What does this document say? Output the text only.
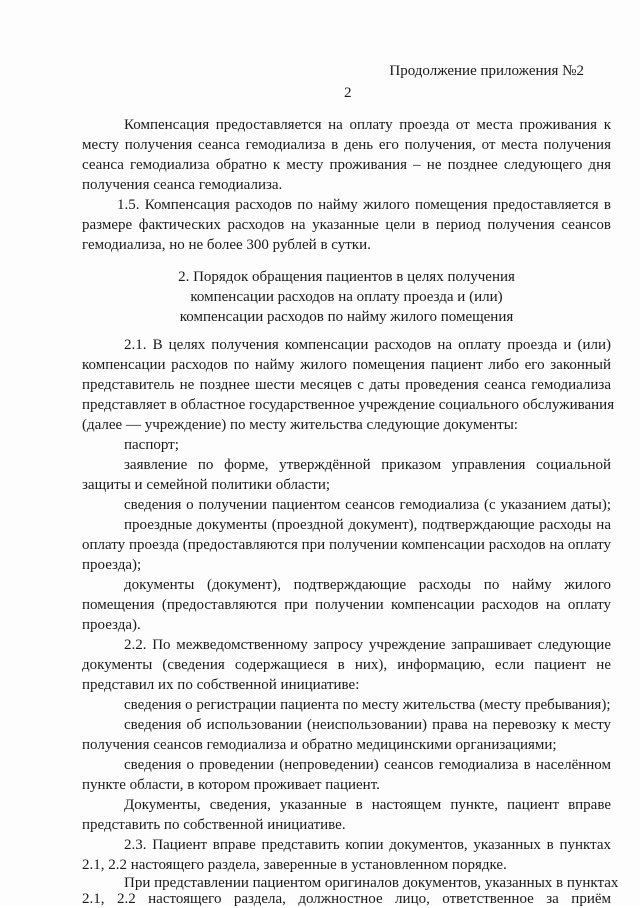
Продолжение приложения №2
2
Компенсация предоставляется на оплату проезда от места проживания к
месту получения сеанса гемодиализа в день его получения, от места получения
сеанса гемодиализа обратно к месту проживания – не позднее следующего дня
получения сеанса гемодиализа.
1.5. Компенсация расходов по найму жилого помещения предоставляется в
размере фактических расходов на указанные цели в период получения сеансов
гемодиализа, но не более 300 рублей в сутки.
2. Порядок обращения пациентов в целях получения
компенсации расходов на оплату проезда и (или)
компенсации расходов по найму жилого помещения
2.1. В целях получения компенсации расходов на оплату проезда и (или)
компенсации расходов по найму жилого помещения пациент либо его законный
представитель не позднее шести месяцев с даты проведения сеанса гемодиализа
представляет в областное государственное учреждение социального обслуживания
(далее — учреждение) по месту жительства следующие документы:
паспорт;
заявление по форме, утверждённой приказом управления социальной
защиты и семейной политики области;
сведения о получении пациентом сеансов гемодиализа (с указанием даты);
проездные документы (проездной документ), подтверждающие расходы на
оплату проезда (предоставляются при получении компенсации расходов на оплату
проезда);
документы (документ), подтверждающие расходы по найму жилого
помещения (предоставляются при получении компенсации расходов на оплату
проезда).
2.2. По межведомственному запросу учреждение запрашивает следующие
документы (сведения содержащиеся в них), информацию, если пациент не
представил их по собственной инициативе:
сведения о регистрации пациента по месту жительства (месту пребывания);
сведения об использовании (неиспользовании) права на перевозку к месту
получения сеансов гемодиализа и обратно медицинскими организациями;
сведения о проведении (непроведении) сеансов гемодиализа в населённом
пункте области, в котором проживает пациент.
Документы, сведения, указанные в настоящем пункте, пациент вправе
представить по собственной инициативе.
2.3. Пациент вправе представить копии документов, указанных в пунктах
2.1, 2.2 настоящего раздела, заверенные в установленном порядке.
При представлении пациентом оригиналов документов, указанных в пунктах
2.1, 2.2 настоящего раздела, должностное лицо, ответственное за приём
